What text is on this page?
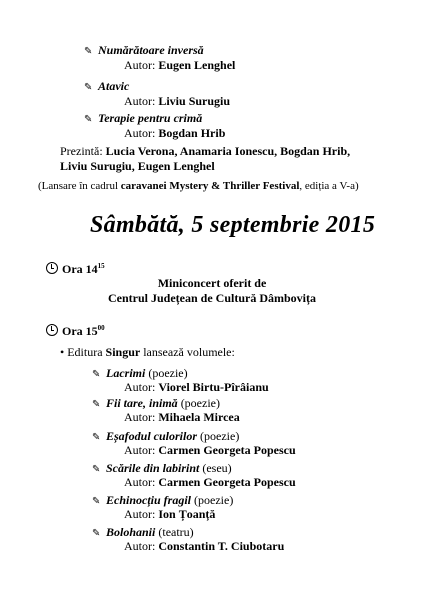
✎ Numărătoare inversă
Autor: Eugen Lenghel
✎ Atavic
Autor: Liviu Surugiu
✎ Terapie pentru crimă
Autor: Bogdan Hrib
Prezintă: Lucia Verona, Anamaria Ionescu, Bogdan Hrib,
Liviu Surugiu, Eugen Lenghel
(Lansare în cadrul caravanei Mystery & Thriller Festival, ediția a V-a)
Sâmbătă, 5 septembrie 2015
Ora $14^{15}$
Miniconcert oferit de
Centrul Județean de Cultură Dâmbovița
Ora $15^{00}$
• Editura Singur lansează volumele:
✎ Lacrimi (poezie)
Autor: Viorel Birtu-Pîrâianu
✎ Fii tare, inimă (poezie)
Autor: Mihaela Mircea
✎ Eșafodul culorilor (poezie)
Autor: Carmen Georgeta Popescu
✎ Scările din labirint (eseu)
Autor: Carmen Georgeta Popescu
✎ Echinocțiu fragil (poezie)
Autor: Ion Țoanță
✎ Bolohanii (teatru)
Autor: Constantin T. Ciubotaru
